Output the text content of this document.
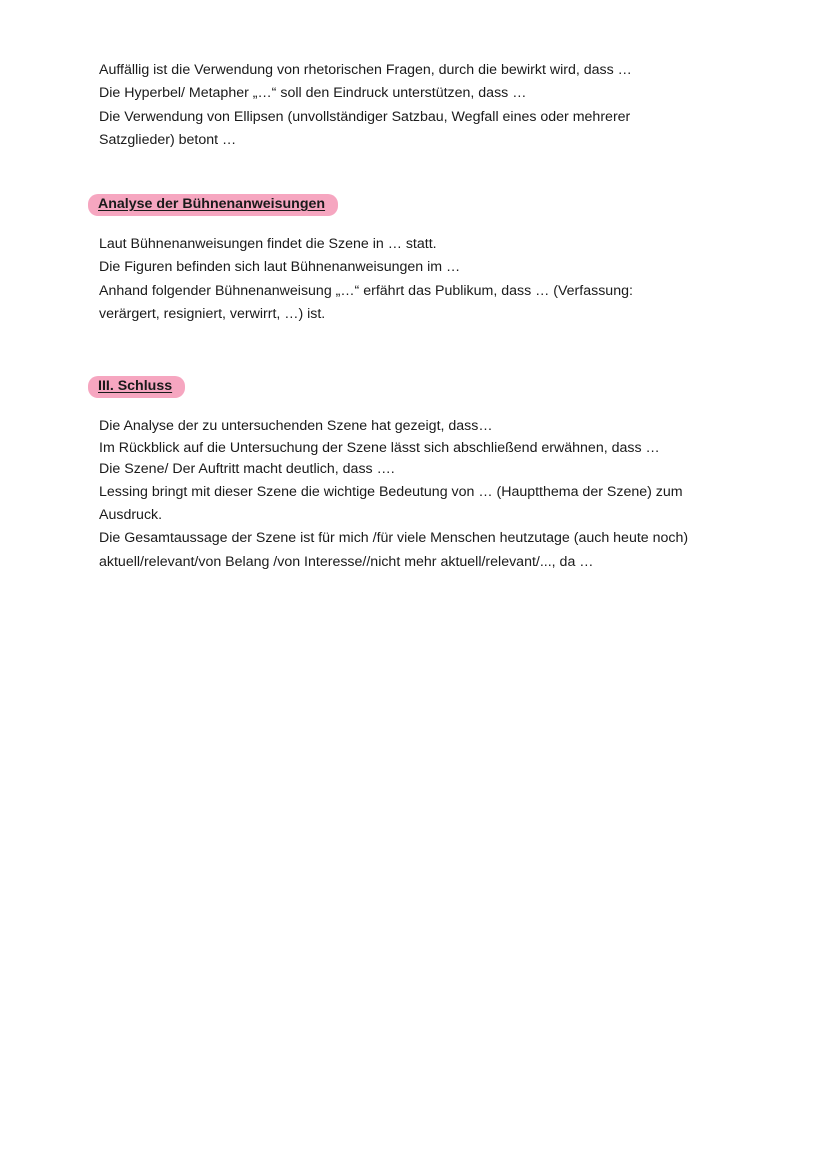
Auffällig ist die Verwendung von rhetorischen Fragen, durch die bewirkt wird, dass …
Die Hyperbel/ Metapher „…“ soll den Eindruck unterstützen, dass …
Die Verwendung von Ellipsen (unvollständiger Satzbau, Wegfall eines oder mehrerer
Satzglieder) betont …
Analyse der Bühnenanweisungen
Laut Bühnenanweisungen findet die Szene in … statt.
Die Figuren befinden sich laut Bühnenanweisungen im …
Anhand folgender Bühnenanweisung „…“ erfährt das Publikum, dass … (Verfassung:
verärgert, resigniert, verwirrt, …) ist.
III. Schluss
Die Analyse der zu untersuchenden Szene hat gezeigt, dass…
Im Rückblick auf die Untersuchung der Szene lässt sich abschließend erwähnen, dass …
Die Szene/ Der Auftritt macht deutlich, dass ….
Lessing bringt mit dieser Szene die wichtige Bedeutung von … (Hauptthema der Szene) zum
Ausdruck.
Die Gesamtaussage der Szene ist für mich /für viele Menschen heutzutage (auch heute noch)
aktuell/relevant/von Belang /von Interesse//nicht mehr aktuell/relevant/..., da …
